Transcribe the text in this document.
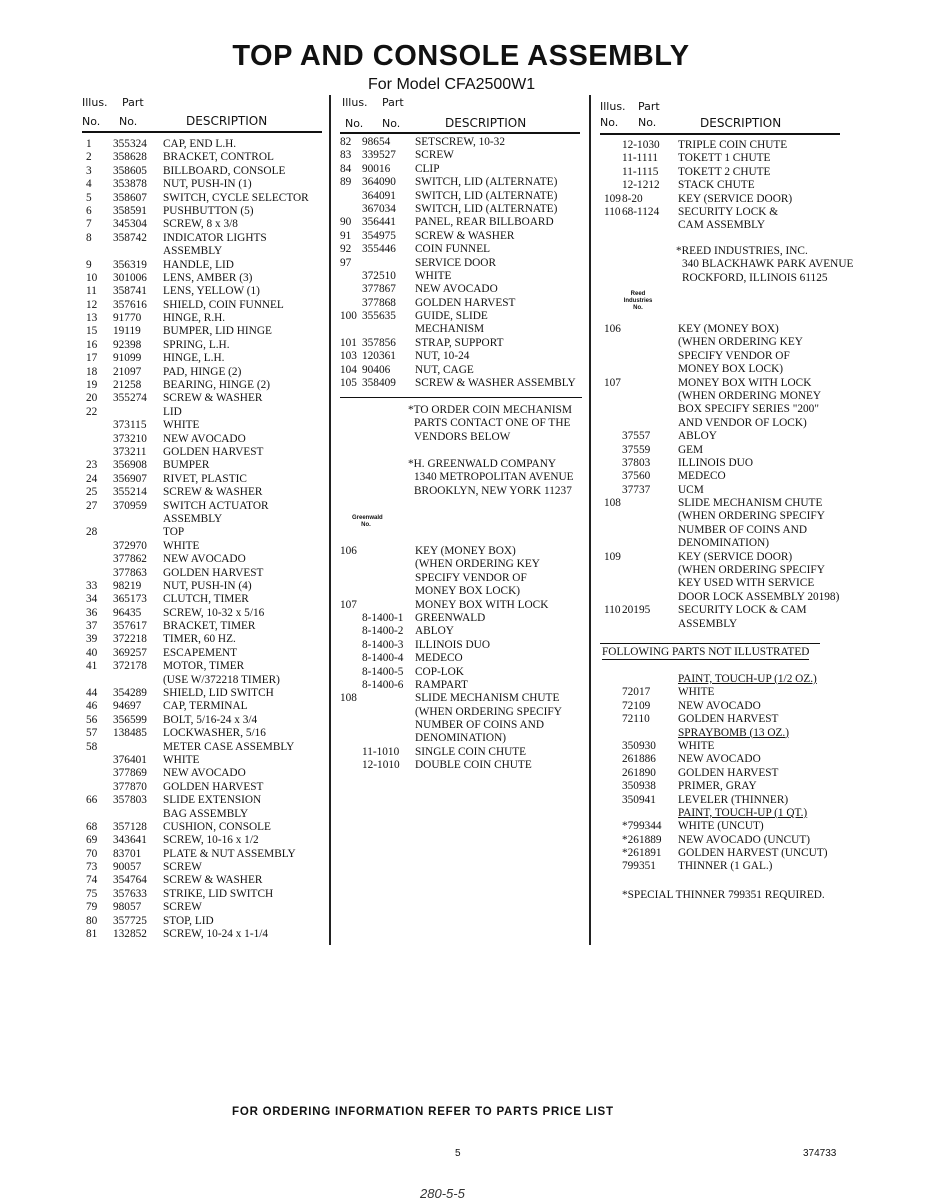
TOP AND CONSOLE ASSEMBLY
For Model CFA2500W1
Illus. Part
No. No.	DESCRIPTION
Illus. Part
No. No.	DESCRIPTION
Illus. Part
No. No.	DESCRIPTION
FOLLOWING PARTS NOT ILLUSTRATED
Greenwald No.
Reed Industries No.
1 355324 CAP, END L.H.
2 358628 BRACKET, CONTROL
3 358605 BILLBOARD, CONSOLE
4 353878 NUT, PUSH-IN (1)
5 358607 SWITCH, CYCLE SELECTOR
6 358591 PUSHBUTTON (5)
7 345304 SCREW, 8 x 3/8
8 358742 INDICATOR LIGHTS
ASSEMBLY
9 356319 HANDLE, LID
10 301006 LENS, AMBER (3)
11 358741 LENS, YELLOW (1)
12 357616 SHIELD, COIN FUNNEL
13 91770 HINGE, R.H.
15 19119 BUMPER, LID HINGE
16 92398 SPRING, L.H.
17 91099 HINGE, L.H.
18 21097 PAD, HINGE (2)
19 21258 BEARING, HINGE (2)
20 355274 SCREW & WASHER
22	LID
373115 WHITE
373210 NEW AVOCADO
373211 GOLDEN HARVEST
23 356908 BUMPER
24 356907 RIVET, PLASTIC
25 355214 SCREW & WASHER
27 370959 SWITCH ACTUATOR
ASSEMBLY
28	TOP
372970 WHITE
377862 NEW AVOCADO
377863 GOLDEN HARVEST
33 98219 NUT, PUSH-IN (4)
34 365173 CLUTCH, TIMER
36 96435 SCREW, 10-32 x 5/16
37 357617 BRACKET, TIMER
39 372218 TIMER, 60 HZ.
40 369257 ESCAPEMENT
41 372178 MOTOR, TIMER
(USE W/372218 TIMER)
44 354289 SHIELD, LID SWITCH
46 94697 CAP, TERMINAL
56 356599 BOLT, 5/16-24 x 3/4
57 138485 LOCKWASHER, 5/16
58	METER CASE ASSEMBLY
376401 WHITE
377869 NEW AVOCADO
377870 GOLDEN HARVEST
66 357803 SLIDE EXTENSION
BAG ASSEMBLY
68 357128 CUSHION, CONSOLE
69 343641 SCREW, 10-16 x 1/2
70 83701 PLATE & NUT ASSEMBLY
73 90057 SCREW
74 354764 SCREW & WASHER
75 357633 STRIKE, LID SWITCH
79 98057 SCREW
80 357725 STOP, LID
81 132852 SCREW, 10-24 x 1-1/4
82 98654 SETSCREW, 10-32
83 339527 SCREW
84 90016 CLIP
89 364090 SWITCH, LID (ALTERNATE)
364091 SWITCH, LID (ALTERNATE)
367034 SWITCH, LID (ALTERNATE)
90 356441 PANEL, REAR BILLBOARD
91 354975 SCREW & WASHER
92 355446 COIN FUNNEL
97	SERVICE DOOR
372510 WHITE
377867 NEW AVOCADO
377868 GOLDEN HARVEST
100 355635 GUIDE, SLIDE
MECHANISM
101 357856 STRAP, SUPPORT
103 120361 NUT, 10-24
104 90406 NUT, CAGE
105 358409 SCREW & WASHER ASSEMBLY
*TO ORDER COIN MECHANISM
PARTS CONTACT ONE OF THE
VENDORS BELOW
*H. GREENWALD COMPANY
1340 METROPOLITAN AVENUE
BROOKLYN, NEW YORK 11237
106	KEY (MONEY BOX)
(WHEN ORDERING KEY
SPECIFY VENDOR OF
MONEY BOX LOCK)
107	MONEY BOX WITH LOCK
8-1400-1 GREENWALD
8-1400-2 ABLOY
8-1400-3 ILLINOIS DUO
8-1400-4 MEDECO
8-1400-5 COP-LOK
8-1400-6 RAMPART
108	SLIDE MECHANISM CHUTE
(WHEN ORDERING SPECIFY
NUMBER OF COINS AND
DENOMINATION)
11-1010 SINGLE COIN CHUTE
12-1010 DOUBLE COIN CHUTE
12-1030 TRIPLE COIN CHUTE
11-1111 TOKETT 1 CHUTE
11-1115 TOKETT 2 CHUTE
12-1212 STACK CHUTE
109 8-20	KEY (SERVICE DOOR)
110 68-1124 SECURITY LOCK &
CAM ASSEMBLY
*REED INDUSTRIES, INC.
340 BLACKHAWK PARK AVENUE
ROCKFORD, ILLINOIS 61125
106	KEY (MONEY BOX)
(WHEN ORDERING KEY
SPECIFY VENDOR OF
MONEY BOX LOCK)
107	MONEY BOX WITH LOCK
(WHEN ORDERING MONEY
BOX SPECIFY SERIES "200"
AND VENDOR OF LOCK)
37557 ABLOY
37559 GEM
37803 ILLINOIS DUO
37560 MEDECO
37737 UCM
108	SLIDE MECHANISM CHUTE
(WHEN ORDERING SPECIFY
NUMBER OF COINS AND
DENOMINATION)
109	KEY (SERVICE DOOR)
(WHEN ORDERING SPECIFY
KEY USED WITH SERVICE
DOOR LOCK ASSEMBLY 20198)
110 20195 SECURITY LOCK & CAM
ASSEMBLY
PAINT, TOUCH-UP (1/2 OZ.)
72017 WHITE
72109 NEW AVOCADO
72110 GOLDEN HARVEST
SPRAYBOMB (13 OZ.)
350930 WHITE
261886 NEW AVOCADO
261890 GOLDEN HARVEST
350938 PRIMER, GRAY
350941 LEVELER (THINNER)
PAINT, TOUCH-UP (1 QT.)
*799344 WHITE (UNCUT)
*261889 NEW AVOCADO (UNCUT)
*261891 GOLDEN HARVEST (UNCUT)
799351 THINNER (1 GAL.)
*SPECIAL THINNER 799351 REQUIRED.
FOR ORDERING INFORMATION REFER TO PARTS PRICE LIST
5	374733
280-5-5
